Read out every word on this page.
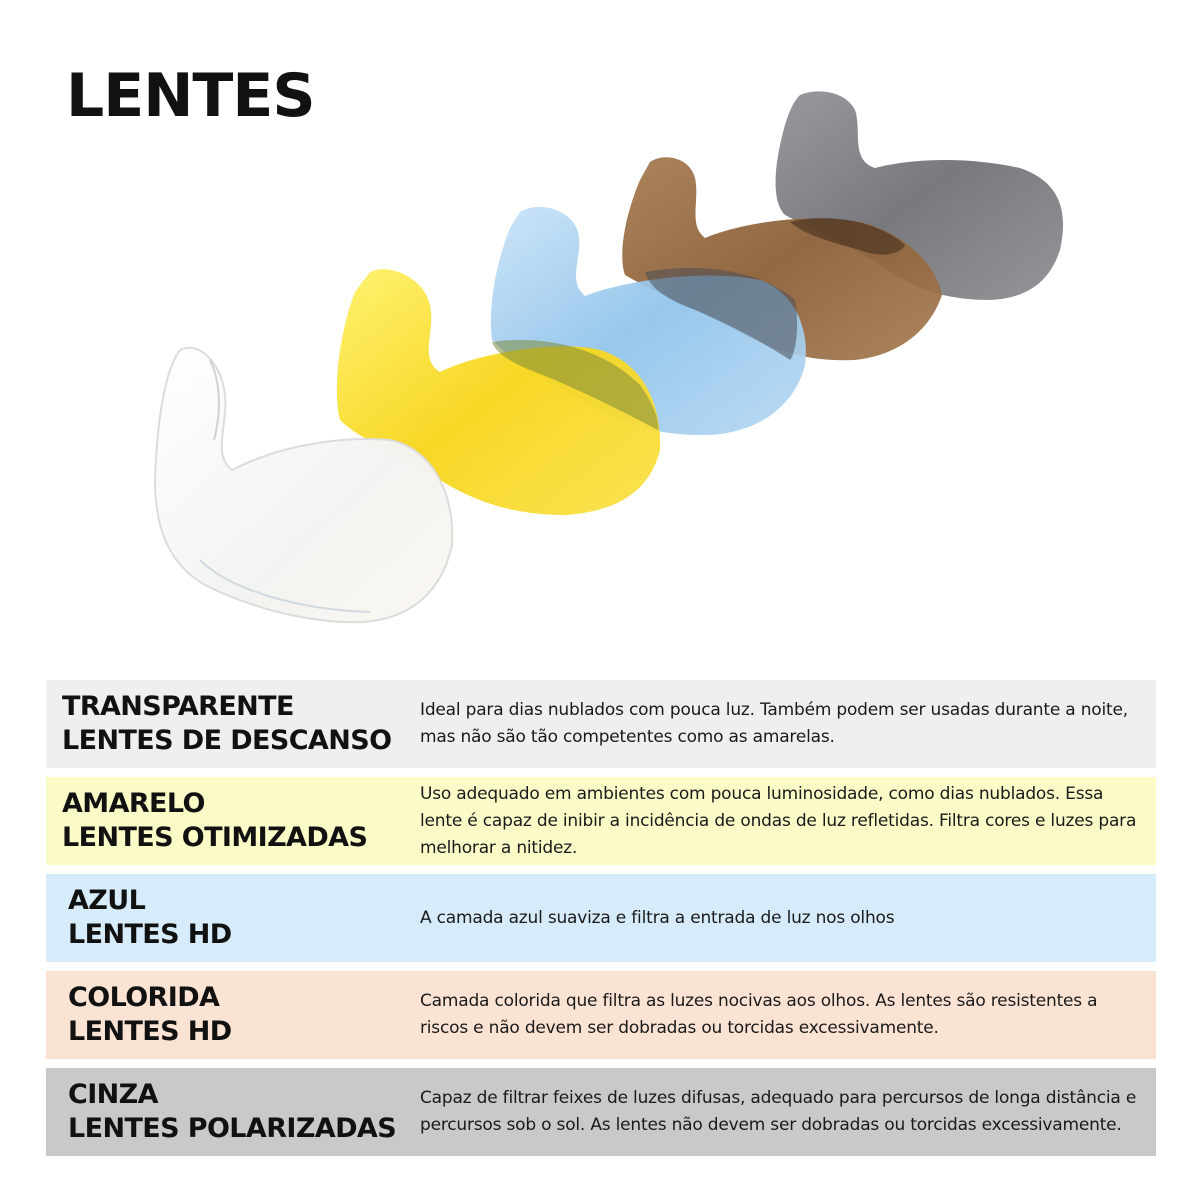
LENTES
TRANSPARENTE
LENTES DE DESCANSO
Ideal para dias nublados com pouca luz. Também podem ser usadas durante a noite, mas não são tão competentes como as amarelas.
AMARELO
LENTES OTIMIZADAS
Uso adequado em ambientes com pouca luminosidade, como dias nublados. Essa lente é capaz de inibir a incidência de ondas de luz refletidas. Filtra cores e luzes para melhorar a nitidez.
AZUL
LENTES HD
A camada azul suaviza e filtra a entrada de luz nos olhos
COLORIDA
LENTES HD
Camada colorida que filtra as luzes nocivas aos olhos. As lentes são resistentes a riscos e não devem ser dobradas ou torcidas excessivamente.
CINZA
LENTES POLARIZADAS
Capaz de filtrar feixes de luzes difusas, adequado para percursos de longa distância e percursos sob o sol. As lentes não devem ser dobradas ou torcidas excessivamente.
